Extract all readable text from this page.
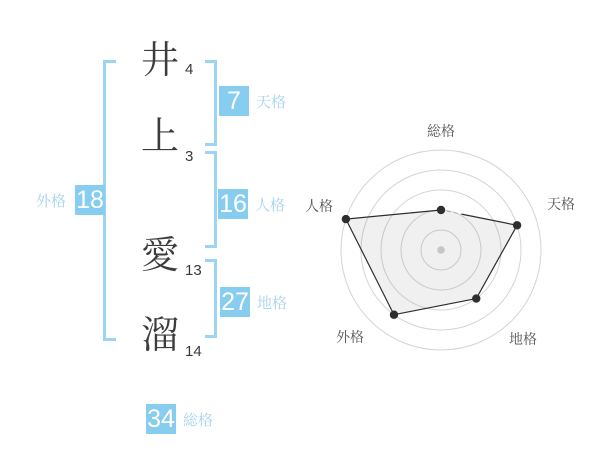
井
上
愛
溜
4
3
13
14
7	天格
16 人格
27 地格
外格 18
34 総格
総格
天格
地格
外格
人格
